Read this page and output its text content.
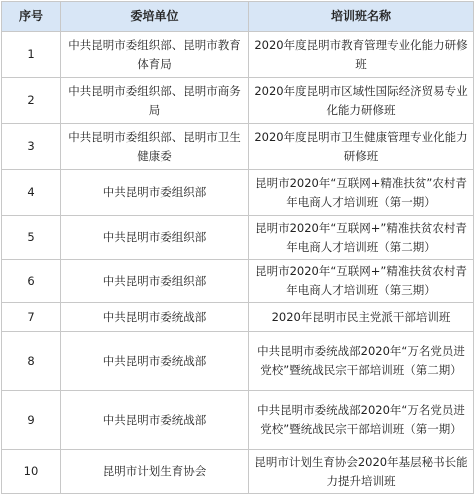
序号	委培单位	培训班名称
1	中共昆明市委组织部、昆明市教育体育局	2020年度昆明市教育管理专业化能力研修班
2	中共昆明市委组织部、昆明市商务局	2020年度昆明市区域性国际经济贸易专业化能力研修班
3	中共昆明市委组织部、昆明市卫生健康委	2020年度昆明市卫生健康管理专业化能力研修班
4	中共昆明市委组织部	昆明市2020年“互联网+精准扶贫”农村青年电商人才培训班（第一期）
5	中共昆明市委组织部	昆明市2020年“互联网+”精准扶贫农村青年电商人才培训班（第二期）
6	中共昆明市委组织部	昆明市2020年“互联网+”精准扶贫农村青年电商人才培训班（第三期）
7	中共昆明市委统战部	2020年昆明市民主党派干部培训班
8	中共昆明市委统战部	中共昆明市委统战部2020年“万名党员进党校”暨统战民宗干部培训班（第二期）
9	中共昆明市委统战部	中共昆明市委统战部2020年“万名党员进党校”暨统战民宗干部培训班（第一期）
10	昆明市计划生育协会	昆明市计划生育协会2020年基层秘书长能力提升培训班
